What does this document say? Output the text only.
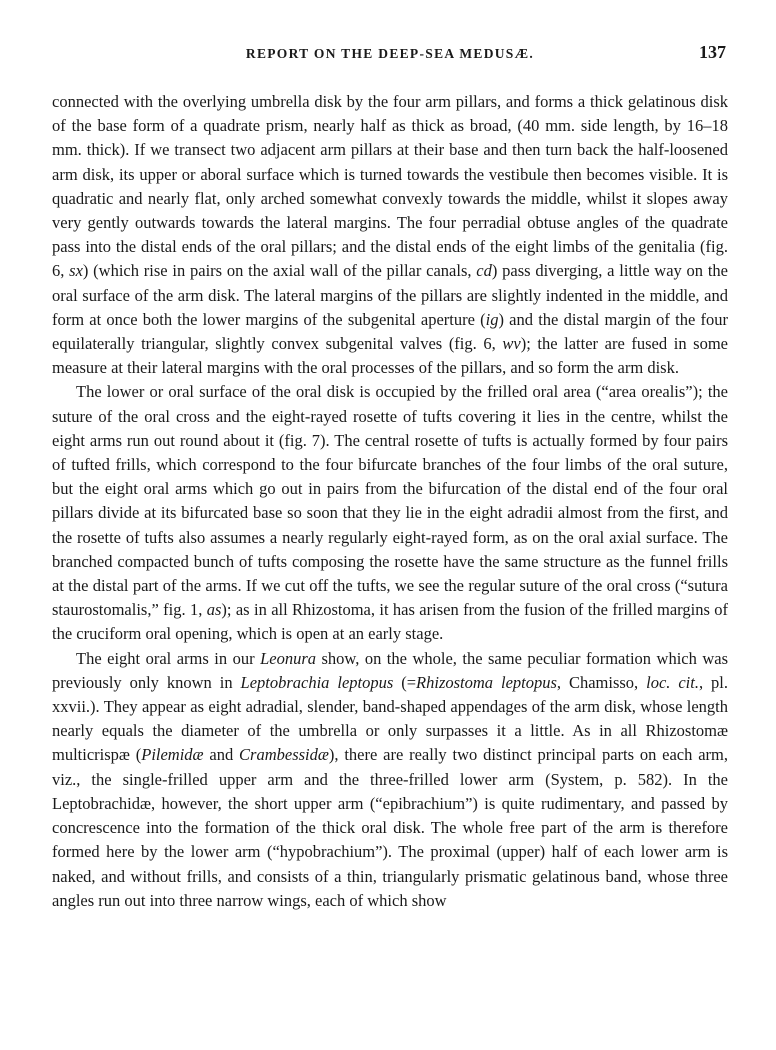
REPORT ON THE DEEP-SEA MEDUSÆ.	137

connected with the overlying umbrella disk by the four arm pillars, and forms a thick gelatinous disk of the base form of a quadrate prism, nearly half as thick as broad, (40 mm. side length, by 16–18 mm. thick). If we transect two adjacent arm pillars at their base and then turn back the half-loosened arm disk, its upper or aboral surface which is turned towards the vestibule then becomes visible. It is quadratic and nearly flat, only arched somewhat convexly towards the middle, whilst it slopes away very gently outwards towards the lateral margins. The four perradial obtuse angles of the quadrate pass into the distal ends of the oral pillars; and the distal ends of the eight limbs of the genitalia (fig. 6, sx) (which rise in pairs on the axial wall of the pillar canals, cd) pass diverging, a little way on the oral surface of the arm disk. The lateral margins of the pillars are slightly indented in the middle, and form at once both the lower margins of the subgenital aperture (ig) and the distal margin of the four equilaterally triangular, slightly convex subgenital valves (fig. 6, wv); the latter are fused in some measure at their lateral margins with the oral processes of the pillars, and so form the arm disk.

The lower or oral surface of the oral disk is occupied by the frilled oral area (“area orealis”); the suture of the oral cross and the eight-rayed rosette of tufts covering it lies in the centre, whilst the eight arms run out round about it (fig. 7). The central rosette of tufts is actually formed by four pairs of tufted frills, which correspond to the four bifurcate branches of the four limbs of the oral suture, but the eight oral arms which go out in pairs from the bifurcation of the distal end of the four oral pillars divide at its bifurcated base so soon that they lie in the eight adradii almost from the first, and the rosette of tufts also assumes a nearly regularly eight-rayed form, as on the oral axial surface. The branched compacted bunch of tufts composing the rosette have the same structure as the funnel frills at the distal part of the arms. If we cut off the tufts, we see the regular suture of the oral cross (“sutura staurostomalis,” fig. 1, as); as in all Rhizostoma, it has arisen from the fusion of the frilled margins of the cruciform oral opening, which is open at an early stage.

The eight oral arms in our Leonura show, on the whole, the same peculiar formation which was previously only known in Leptobrachia leptopus (=Rhizostoma leptopus, Chamisso, loc. cit., pl. xxvii.). They appear as eight adradial, slender, band-shaped appendages of the arm disk, whose length nearly equals the diameter of the umbrella or only surpasses it a little. As in all Rhizostomæ multicrispæ (Pilemidæ and Crambessidæ), there are really two distinct principal parts on each arm, viz., the single-frilled upper arm and the three-frilled lower arm (System, p. 582). In the Leptobrachidæ, however, the short upper arm (“epibrachium”) is quite rudimentary, and passed by concrescence into the formation of the thick oral disk. The whole free part of the arm is therefore formed here by the lower arm (“hypobrachium”). The proximal (upper) half of each lower arm is naked, and without frills, and consists of a thin, triangularly prismatic gelatinous band, whose three angles run out into three narrow wings, each of which show
